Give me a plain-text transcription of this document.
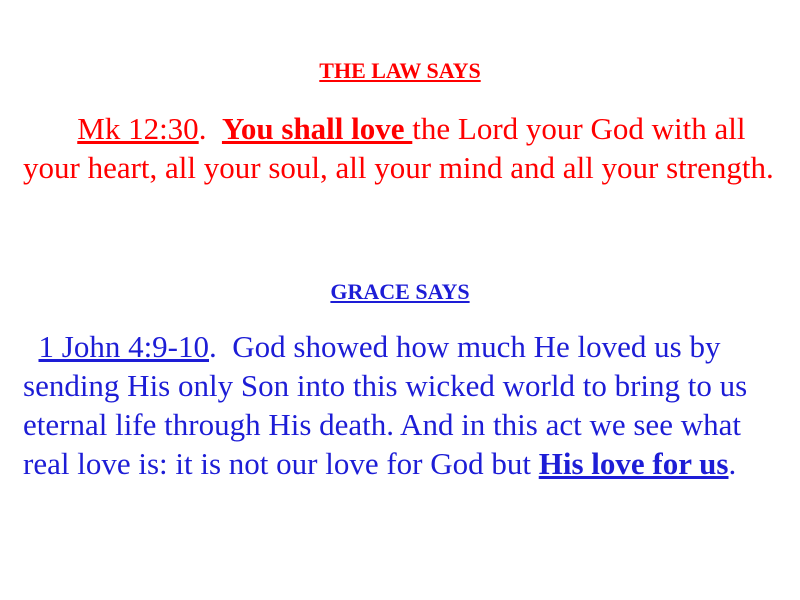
THE LAW SAYS

Mk 12:30.  You shall love the Lord your God with all your heart, all your soul, all your mind and all your strength.

GRACE SAYS

1 John 4:9-10.  God showed how much He loved us by sending His only Son into this wicked world to bring to us eternal life through His death. And in this act we see what real love is: it is not our love for God but His love for us.
